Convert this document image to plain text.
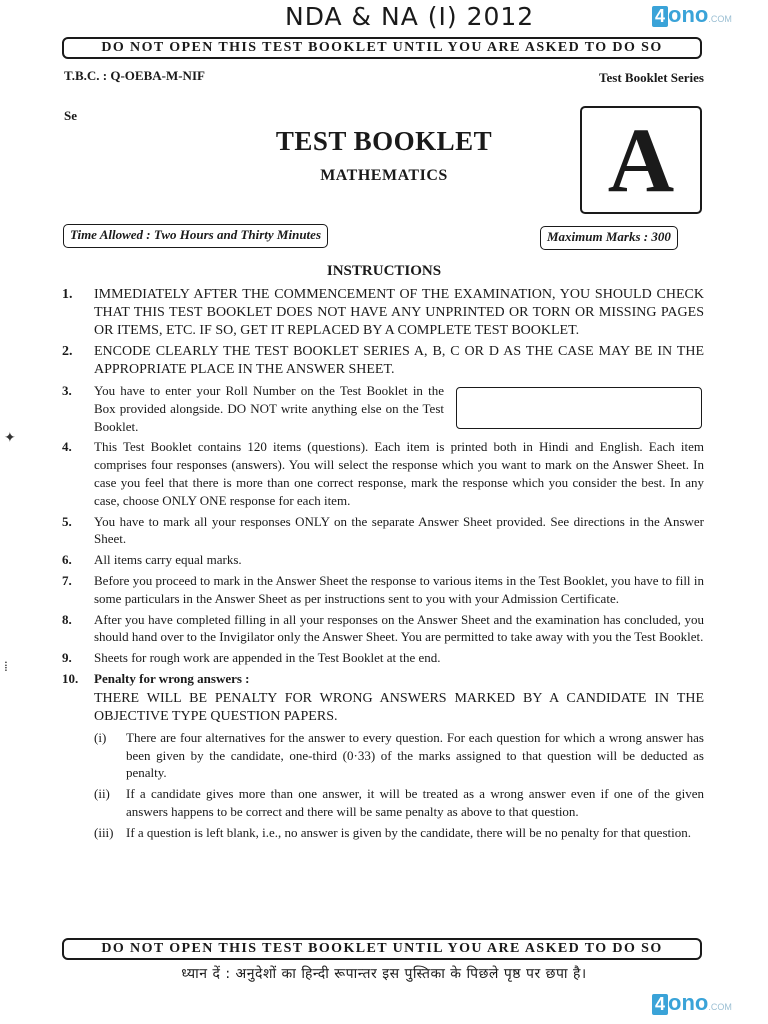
NDA & NA (I) 2012	4 ono.COM
DO NOT OPEN THIS TEST BOOKLET UNTIL YOU ARE ASKED TO DO SO
T.B.C. : Q-OEBA-M-NIF	Test Booklet Series
Se
TEST BOOKLET
MATHEMATICS	A
Time Allowed : Two Hours and Thirty Minutes	Maximum Marks : 300
INSTRUCTIONS
1. IMMEDIATELY AFTER THE COMMENCEMENT OF THE EXAMINATION, YOU SHOULD CHECK THAT THIS TEST BOOKLET DOES NOT HAVE ANY UNPRINTED OR TORN OR MISSING PAGES OR ITEMS, ETC. IF SO, GET IT REPLACED BY A COMPLETE TEST BOOKLET.
2. ENCODE CLEARLY THE TEST BOOKLET SERIES A, B, C OR D AS THE CASE MAY BE IN THE APPROPRIATE PLACE IN THE ANSWER SHEET.
3. You have to enter your Roll Number on the Test Booklet in the Box provided alongside. DO NOT write anything else on the Test Booklet.
4. This Test Booklet contains 120 items (questions). Each item is printed both in Hindi and English. Each item comprises four responses (answers). You will select the response which you want to mark on the Answer Sheet. In case you feel that there is more than one correct response, mark the response which you consider the best. In any case, choose ONLY ONE response for each item.
5. You have to mark all your responses ONLY on the separate Answer Sheet provided. See directions in the Answer Sheet.
6. All items carry equal marks.
7. Before you proceed to mark in the Answer Sheet the response to various items in the Test Booklet, you have to fill in some particulars in the Answer Sheet as per instructions sent to you with your Admission Certificate.
8. After you have completed filling in all your responses on the Answer Sheet and the examination has concluded, you should hand over to the Invigilator only the Answer Sheet. You are permitted to take away with you the Test Booklet.
9. Sheets for rough work are appended in the Test Booklet at the end.
10. Penalty for wrong answers :
THERE WILL BE PENALTY FOR WRONG ANSWERS MARKED BY A CANDIDATE IN THE OBJECTIVE TYPE QUESTION PAPERS.
(i) There are four alternatives for the answer to every question. For each question for which a wrong answer has been given by the candidate, one-third (0·33) of the marks assigned to that question will be deducted as penalty.
(ii) If a candidate gives more than one answer, it will be treated as a wrong answer even if one of the given answers happens to be correct and there will be same penalty as above to that question.
(iii) If a question is left blank, i.e., no answer is given by the candidate, there will be no penalty for that question.
✦
⁞
DO NOT OPEN THIS TEST BOOKLET UNTIL YOU ARE ASKED TO DO SO
ध्यान दें : अनुदेशों का हिन्दी रूपान्तर इस पुस्तिका के पिछले पृष्ठ पर छपा है।
4 ono.COM
